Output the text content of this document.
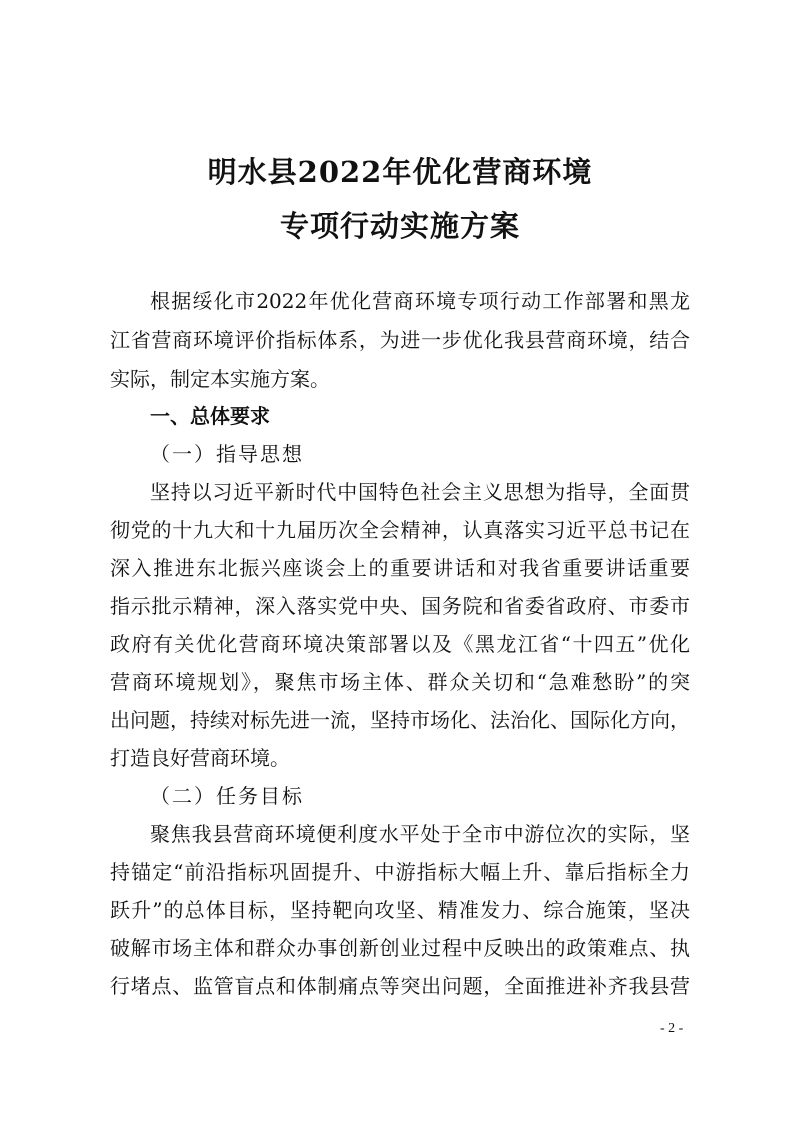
明水县2022年优化营商环境
专项行动实施方案
根据绥化市2022年优化营商环境专项行动工作部署和黑龙
江省营商环境评价指标体系，为进一步优化我县营商环境，结合
实际，制定本实施方案。
一、总体要求
（一）指导思想
坚持以习近平新时代中国特色社会主义思想为指导，全面贯
彻党的十九大和十九届历次全会精神，认真落实习近平总书记在
深入推进东北振兴座谈会上的重要讲话和对我省重要讲话重要
指示批示精神，深入落实党中央、国务院和省委省政府、市委市
政府有关优化营商环境决策部署以及《黑龙江省“十四五”优化
营商环境规划》，聚焦市场主体、群众关切和“急难愁盼”的突
出问题，持续对标先进一流，坚持市场化、法治化、国际化方向，
打造良好营商环境。
（二）任务目标
聚焦我县营商环境便利度水平处于全市中游位次的实际，坚
持锚定“前沿指标巩固提升、中游指标大幅上升、靠后指标全力
跃升”的总体目标，坚持靶向攻坚、精准发力、综合施策，坚决
破解市场主体和群众办事创新创业过程中反映出的政策难点、执
行堵点、监管盲点和体制痛点等突出问题，全面推进补齐我县营
- 2 -
